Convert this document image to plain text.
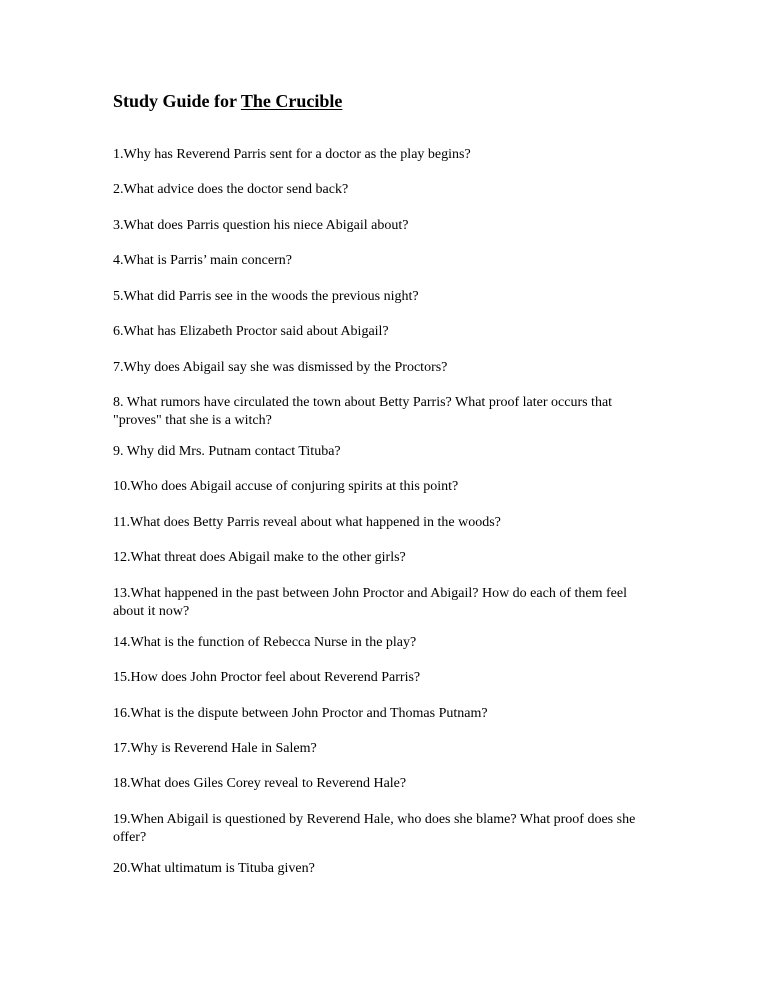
Study Guide for The Crucible
1.Why has Reverend Parris sent for a doctor as the play begins?
2.What advice does the doctor send back?
3.What does Parris question his niece Abigail about?
4.What is Parris’ main concern?
5.What did Parris see in the woods the previous night?
6.What has Elizabeth Proctor said about Abigail?
7.Why does Abigail say she was dismissed by the Proctors?
8. What rumors have circulated the town about Betty Parris? What proof later occurs that "proves" that she is a witch?
9. Why did Mrs. Putnam contact Tituba?
10.Who does Abigail accuse of conjuring spirits at this point?
11.What does Betty Parris reveal about what happened in the woods?
12.What threat does Abigail make to the other girls?
13.What happened in the past between John Proctor and Abigail? How do each of them feel about it now?
14.What is the function of Rebecca Nurse in the play?
15.How does John Proctor feel about Reverend Parris?
16.What is the dispute between John Proctor and Thomas Putnam?
17.Why is Reverend Hale in Salem?
18.What does Giles Corey reveal to Reverend Hale?
19.When Abigail is questioned by Reverend Hale, who does she blame? What proof does she offer?
20.What ultimatum is Tituba given?
